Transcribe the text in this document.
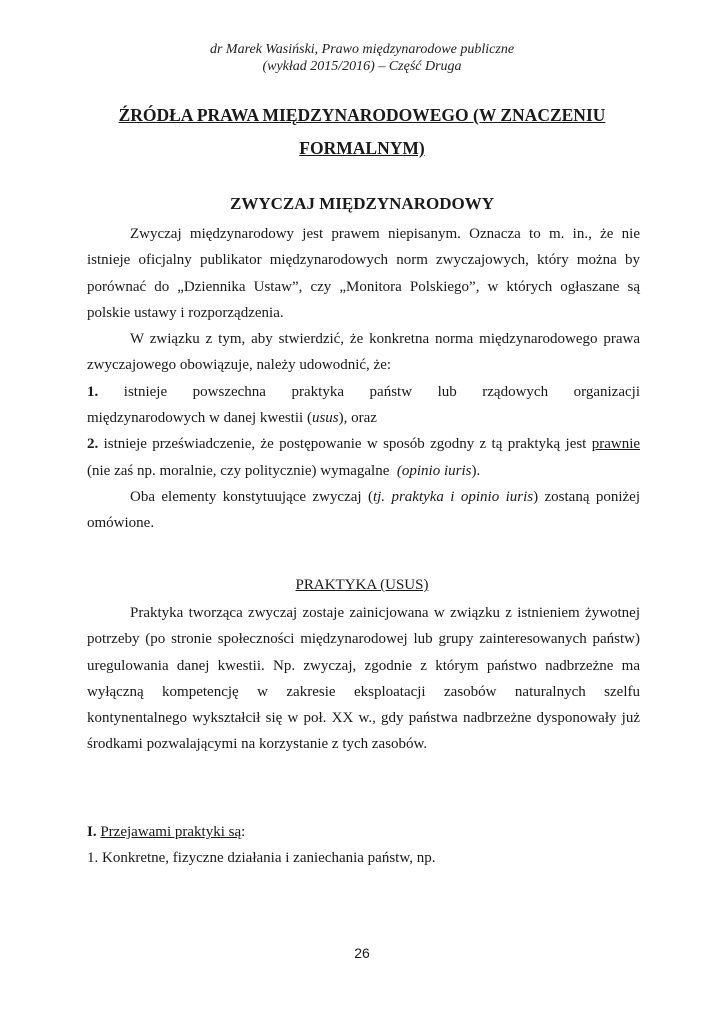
dr Marek Wasiński, Prawo międzynarodowe publiczne
(wykład 2015/2016) – Część Druga
ŹRÓDŁA PRAWA MIĘDZYNARODOWEGO (W ZNACZENIU FORMALNYM)
ZWYCZAJ MIĘDZYNARODOWY

Zwyczaj międzynarodowy jest prawem niepisanym. Oznacza to m. in., że nie istnieje oficjalny publikator międzynarodowych norm zwyczajowych, który można by porównać do „Dziennika Ustaw”, czy „Monitora Polskiego”, w których ogłaszane są polskie ustawy i rozporządzenia.

W związku z tym, aby stwierdzić, że konkretna norma międzynarodowego prawa zwyczajowego obowiązuje, należy udowodnić, że:

1. istnieje powszechna praktyka państw lub rządowych organizacji

międzynarodowych w danej kwestii (usus), oraz

2. istnieje przeświadczenie, że postępowanie w sposób zgodny z tą praktyką jest prawnie (nie zaś np. moralnie, czy politycznie) wymagalne (opinio iuris).

Oba elementy konstytuujące zwyczaj (tj. praktyka i opinio iuris) zostaną poniżej omówione.

PRAKTYKA (USUS)

Praktyka tworząca zwyczaj zostaje zainicjowana w związku z istnieniem żywotnej potrzeby (po stronie społeczności międzynarodowej lub grupy zainteresowanych państw) uregulowania danej kwestii. Np. zwyczaj, zgodnie z którym państwo nadbrzeżne ma wyłączną kompetencję w zakresie eksploatacji zasobów naturalnych szelfu kontynentalnego wykształcił się w poł. XX w., gdy państwa nadbrzeżne dysponowały już środkami pozwalającymi na korzystanie z tych zasobów.

I. Przejawami praktyki są:

1. Konkretne, fizyczne działania i zaniechania państw, np.

26
